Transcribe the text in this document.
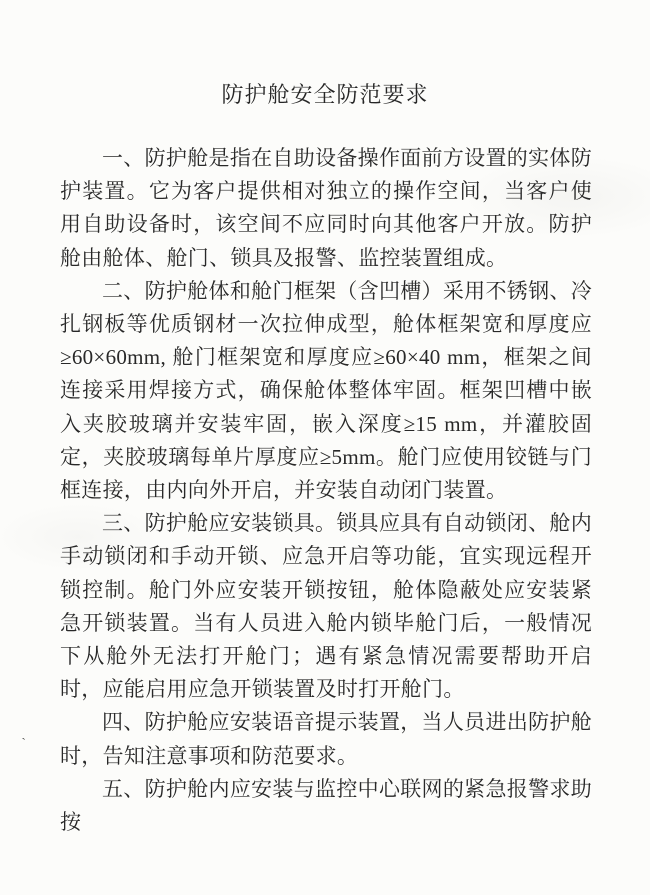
防护舱安全防范要求

一、防护舱是指在自助设备操作面前方设置的实体防护装置。它为客户提供相对独立的操作空间，当客户使用自助设备时，该空间不应同时向其他客户开放。防护舱由舱体、舱门、锁具及报警、监控装置组成。

二、防护舱体和舱门框架（含凹槽）采用不锈钢、冷扎钢板等优质钢材一次拉伸成型，舱体框架宽和厚度应≥60×60mm, 舱门框架宽和厚度应≥60×40 mm，框架之间连接采用焊接方式，确保舱体整体牢固。框架凹槽中嵌入夹胶玻璃并安装牢固，嵌入深度≥15 mm，并灌胶固定，夹胶玻璃每单片厚度应≥5mm。舱门应使用铰链与门框连接，由内向外开启，并安装自动闭门装置。

三、防护舱应安装锁具。锁具应具有自动锁闭、舱内手动锁闭和手动开锁、应急开启等功能，宜实现远程开锁控制。舱门外应安装开锁按钮，舱体隐蔽处应安装紧急开锁装置。当有人员进入舱内锁毕舱门后，一般情况下从舱外无法打开舱门；遇有紧急情况需要帮助开启时，应能启用应急开锁装置及时打开舱门。

四、防护舱应安装语音提示装置，当人员进出防护舱时，告知注意事项和防范要求。

五、防护舱内应安装与监控中心联网的紧急报警求助按

ˋ
